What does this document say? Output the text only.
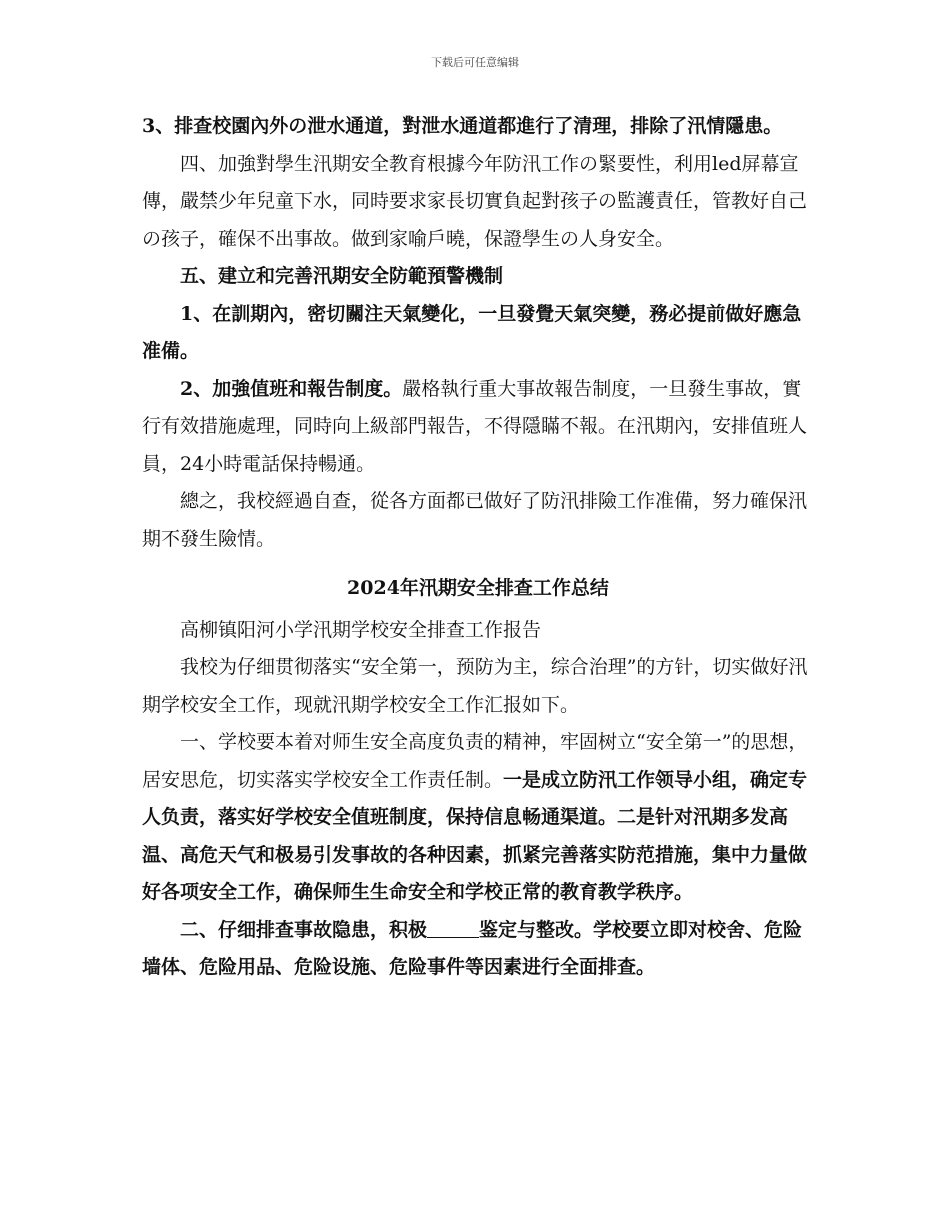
下载后可任意编辑

3、排查校園內外の泄水通道，對泄水通道都進行了清理，排除了汛情隱患。

　　四、加強對學生汛期安全教育根據今年防汛工作の緊要性，利用led屏幕宣傳，嚴禁少年兒童下水，同時要求家長切實負起對孩子の監護責任，管教好自己の孩子，確保不出事故。做到家喻戶曉，保證學生の人身安全。

　　五、建立和完善汛期安全防範預警機制

　　1、在訓期內，密切關注天氣變化，一旦發覺天氣突變，務必提前做好應急准備。

　　2、加強值班和報告制度。嚴格執行重大事故報告制度，一旦發生事故，實行有效措施處理，同時向上級部門報告，不得隱瞞不報。在汛期內，安排值班人員，24小時電話保持暢通。

　　總之，我校經過自查，從各方面都已做好了防汛排險工作准備，努力確保汛期不發生險情。

2024年汛期安全排查工作总结

　　高柳镇阳河小学汛期学校安全排查工作报告

　　我校为仔细贯彻落实“安全第一，预防为主，综合治理”的方针，切实做好汛期学校安全工作，现就汛期学校安全工作汇报如下。

　　一、学校要本着对师生安全高度负责的精神，牢固树立“安全第一”的思想，居安思危，切实落实学校安全工作责任制。一是成立防汛工作领导小组，确定专人负责，落实好学校安全值班制度，保持信息畅通渠道。二是针对汛期多发高温、高危天气和极易引发事故的各种因素，抓紧完善落实防范措施，集中力量做好各项安全工作，确保师生生命安全和学校正常的教育教学秩序。

　　二、仔细排查事故隐患，积极	鉴定与整改。学校要立即对校舍、危险墙体、危险用品、危险设施、危险事件等因素进行全面排查。
